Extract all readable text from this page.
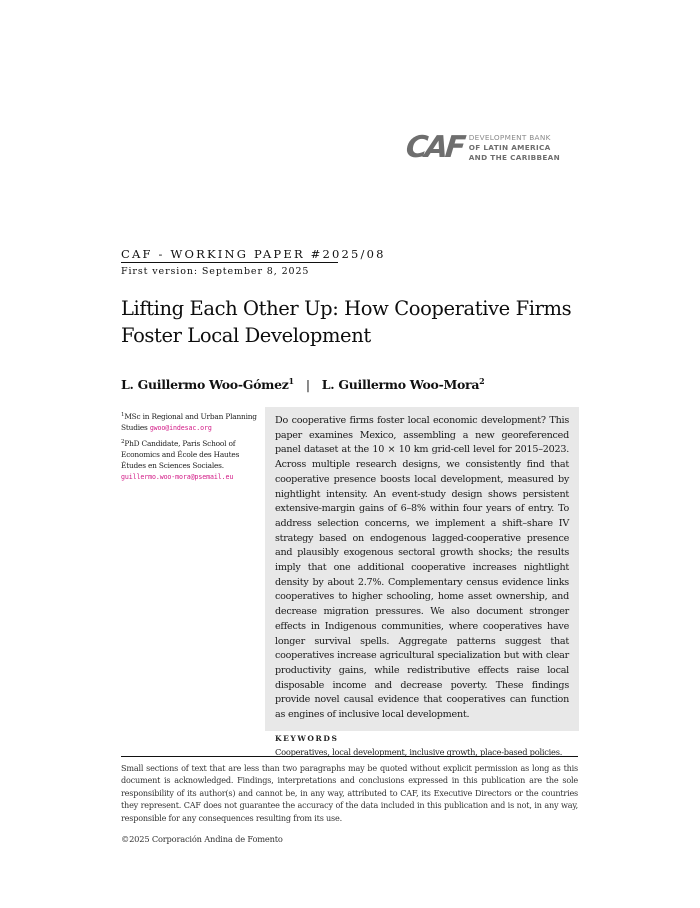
CAF DEVELOPMENT BANK
OF LATIN AMERICA
AND THE CARIBBEAN
CAF - WORKING PAPER #2025/08
First version: September 8, 2025
Lifting Each Other Up: How Cooperative Firms Foster Local Development
L. Guillermo Woo-Gómez$^1$ | L. Guillermo Woo-Mora$^2$

$^1$MSc in Regional and Urban Planning Studies gwoo@indesac.org

$^2$PhD Candidate, Paris School of Economics and École des Hautes Études en Sciences Sociales.
guillermo.woo-mora@psemail.eu

Do cooperative firms foster local economic development? This paper examines Mexico, assembling a new georeferenced panel dataset at the 10 × 10 km grid-cell level for 2015–2023. Across multiple research designs, we consistently find that cooperative presence boosts local development, measured by nightlight intensity. An event-study design shows persistent extensive-margin gains of 6–8% within four years of entry. To address selection concerns, we implement a shift–share IV strategy based on endogenous lagged-cooperative presence and plausibly exogenous sectoral growth shocks; the results imply that one additional cooperative increases nightlight density by about 2.7%. Complementary census evidence links cooperatives to higher schooling, home asset ownership, and decrease migration pressures. We also document stronger effects in Indigenous communities, where cooperatives have longer survival spells. Aggregate patterns suggest that cooperatives increase agricultural specialization but with clear productivity gains, while redistributive effects raise local disposable income and decrease poverty. These findings provide novel causal evidence that cooperatives can function as engines of inclusive local development.

KEYWORDS
Cooperatives, local development, inclusive growth, place-based policies.

Small sections of text that are less than two paragraphs may be quoted without explicit permission as long as this document is acknowledged. Findings, interpretations and conclusions expressed in this publication are the sole responsibility of its author(s) and cannot be, in any way, attributed to CAF, its Executive Directors or the countries they represent. CAF does not guarantee the accuracy of the data included in this publication and is not, in any way, responsible for any consequences resulting from its use.

©2025 Corporación Andina de Fomento
